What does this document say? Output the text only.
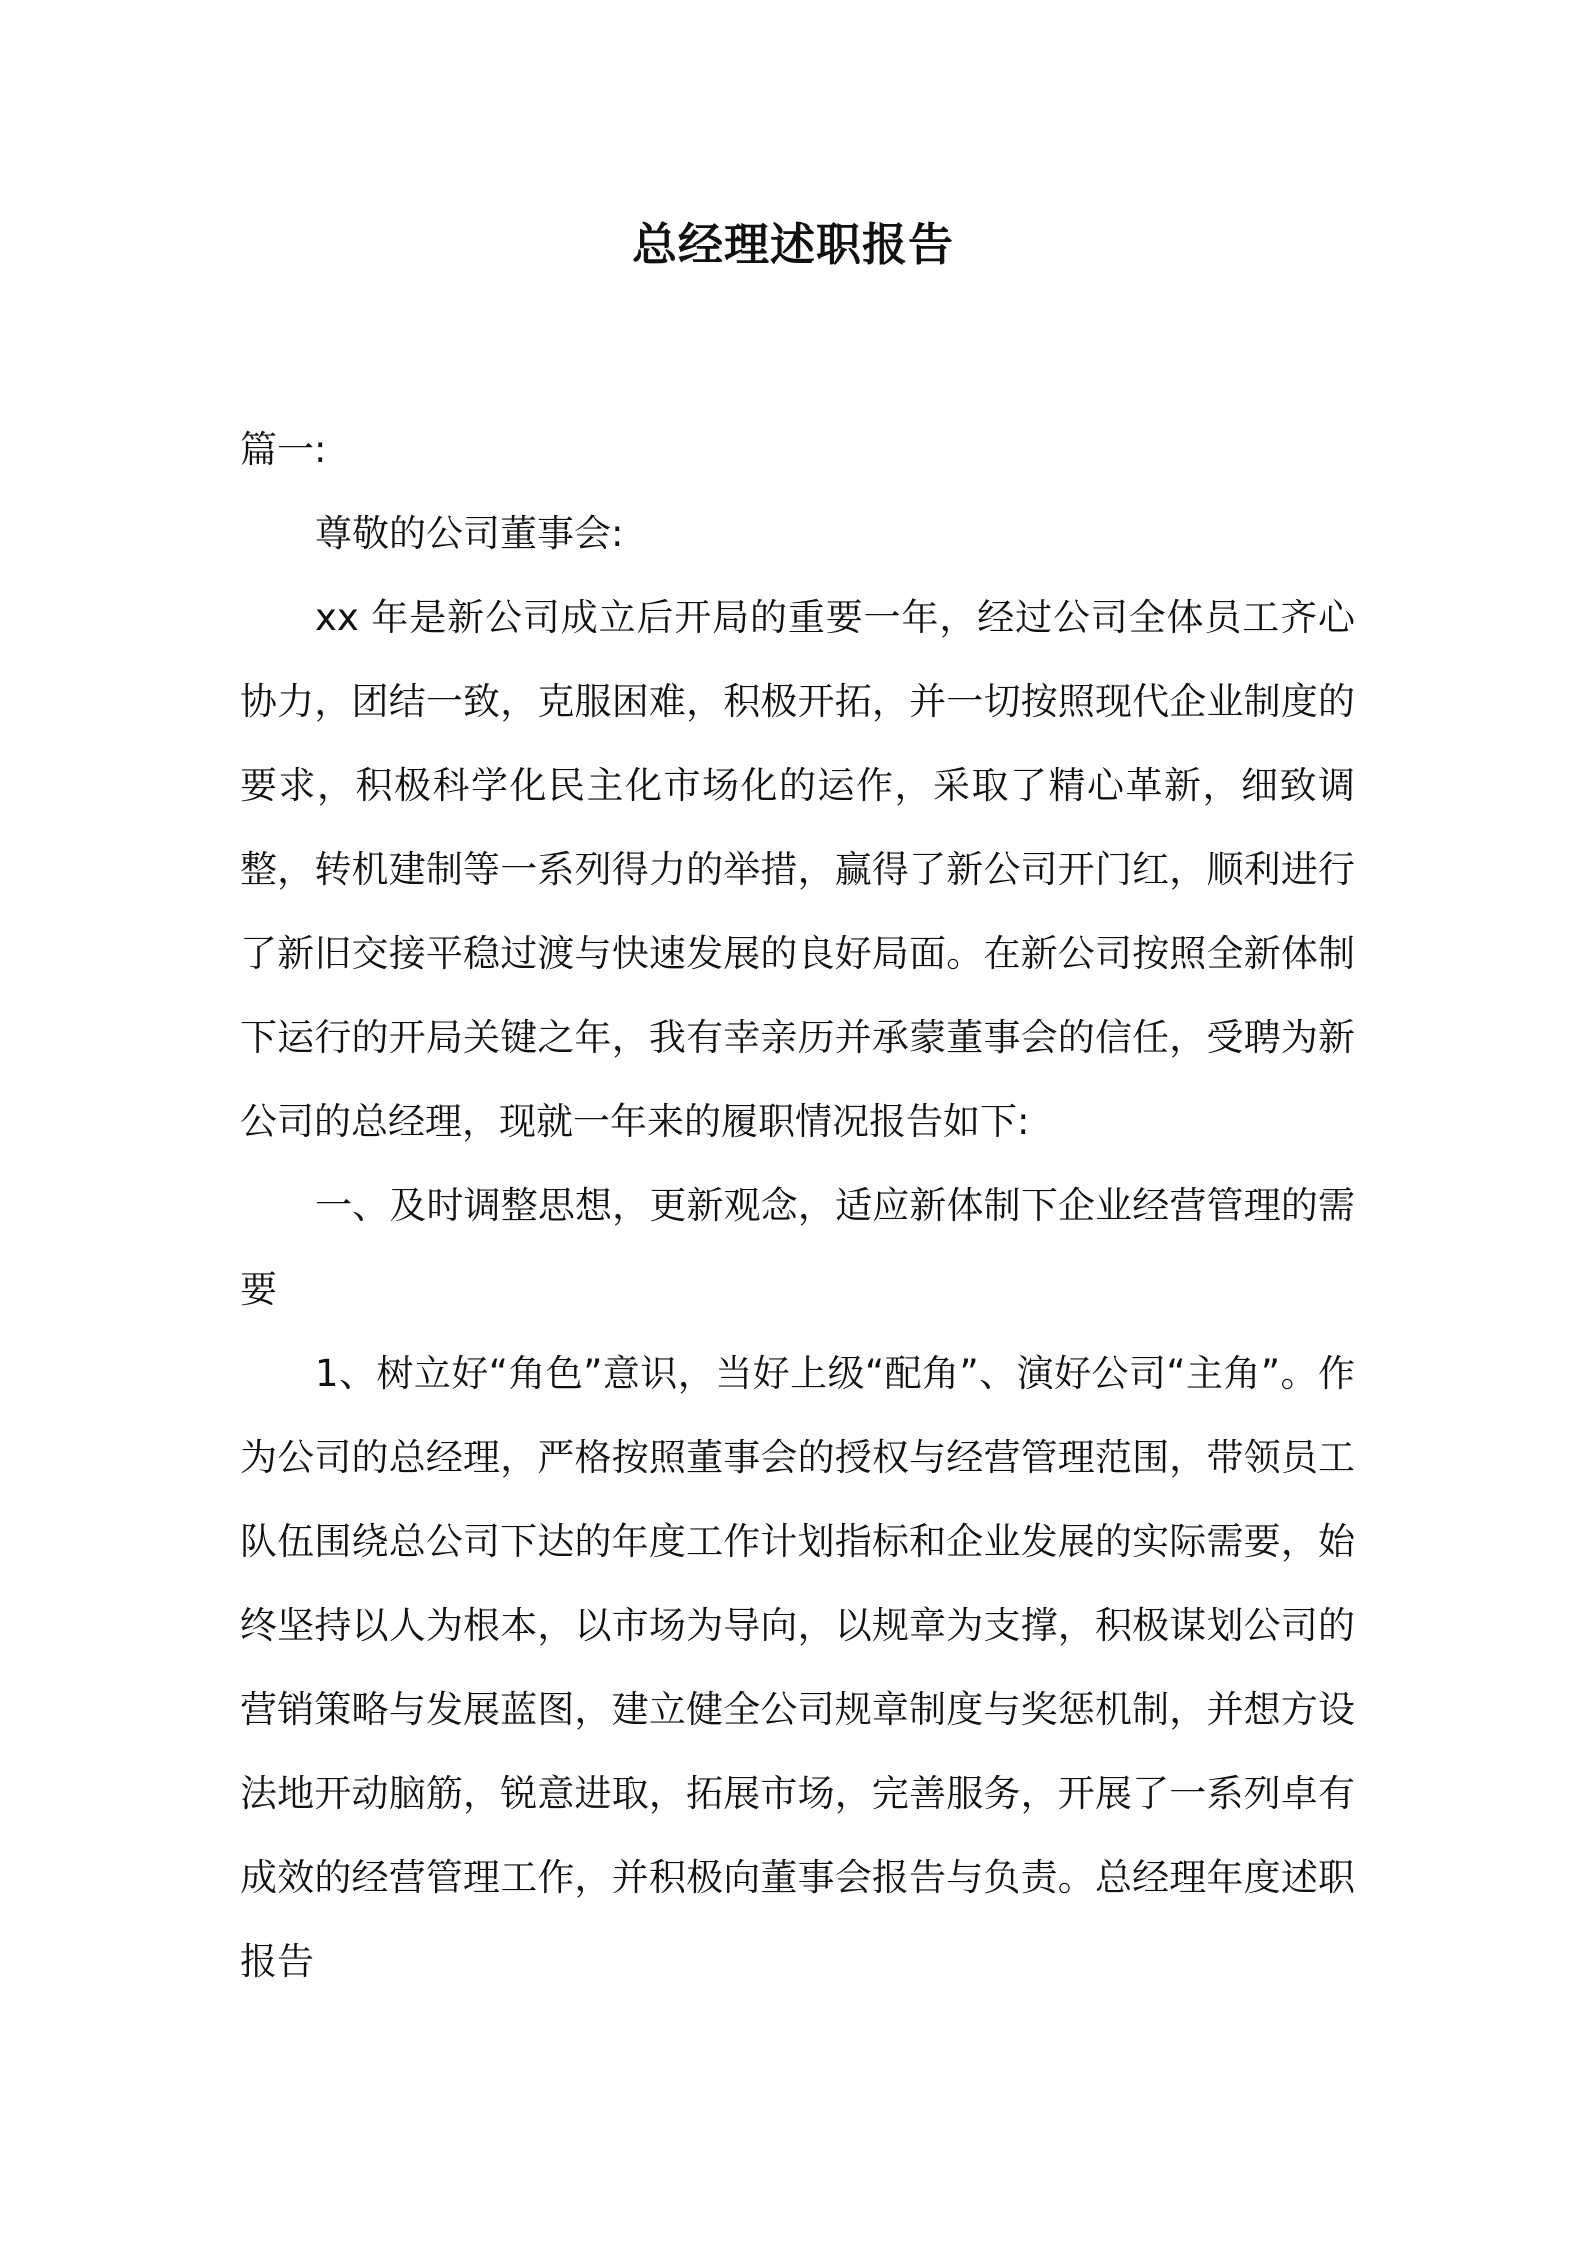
总经理述职报告

篇一:

尊敬的公司董事会:

xx 年是新公司成立后开局的重要一年，经过公司全体员工齐心协力，团结一致，克服困难，积极开拓，并一切按照现代企业制度的要求，积极科学化民主化市场化的运作，采取了精心革新，细致调整，转机建制等一系列得力的举措，赢得了新公司开门红，顺利进行了新旧交接平稳过渡与快速发展的良好局面。在新公司按照全新体制下运行的开局关键之年，我有幸亲历并承蒙董事会的信任，受聘为新公司的总经理，现就一年来的履职情况报告如下:

一、及时调整思想，更新观念，适应新体制下企业经营管理的需要

1、树立好“角色”意识，当好上级“配角”、演好公司“主角”。作为公司的总经理，严格按照董事会的授权与经营管理范围，带领员工队伍围绕总公司下达的年度工作计划指标和企业发展的实际需要，始终坚持以人为根本，以市场为导向，以规章为支撑，积极谋划公司的营销策略与发展蓝图，建立健全公司规章制度与奖惩机制，并想方设法地开动脑筋，锐意进取，拓展市场，完善服务，开展了一系列卓有成效的经营管理工作，并积极向董事会报告与负责。总经理年度述职报告
